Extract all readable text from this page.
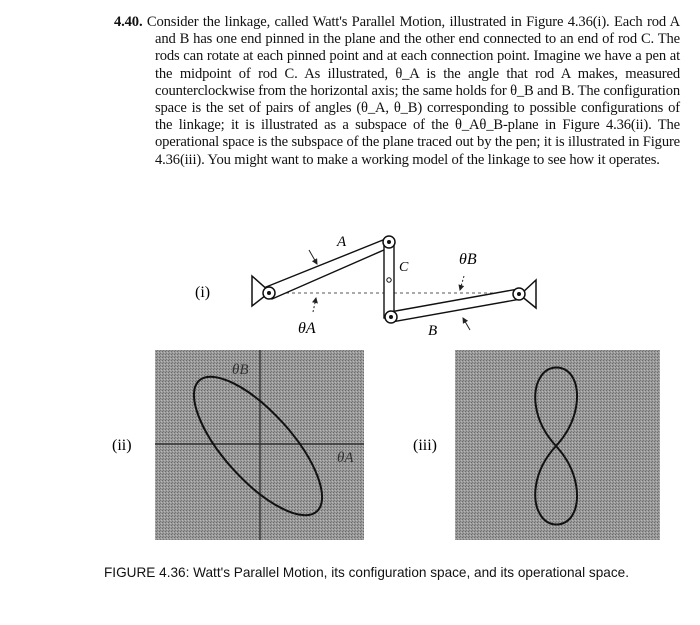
4.40. Consider the linkage, called Watt's Parallel Motion, illustrated in Figure 4.36(i). Each rod A and B has one end pinned in the plane and the other end connected to an end of rod C. The rods can rotate at each pinned point and at each connection point. Imagine we have a pen at the midpoint of rod C. As illustrated, θ_A is the angle that rod A makes, measured counterclockwise from the horizontal axis; the same holds for θ_B and B. The configuration space is the set of pairs of angles (θ_A, θ_B) corresponding to possible configurations of the linkage; it is illustrated as a subspace of the θ_Aθ_B-plane in Figure 4.36(ii). The operational space is the subspace of the plane traced out by the pen; it is illustrated in Figure 4.36(iii). You might want to make a working model of the linkage to see how it operates.
(i)
A
C
B
θA
θB
(ii)
θB
θA
(iii)
FIGURE 4.36: Watt's Parallel Motion, its configuration space, and its operational space.
